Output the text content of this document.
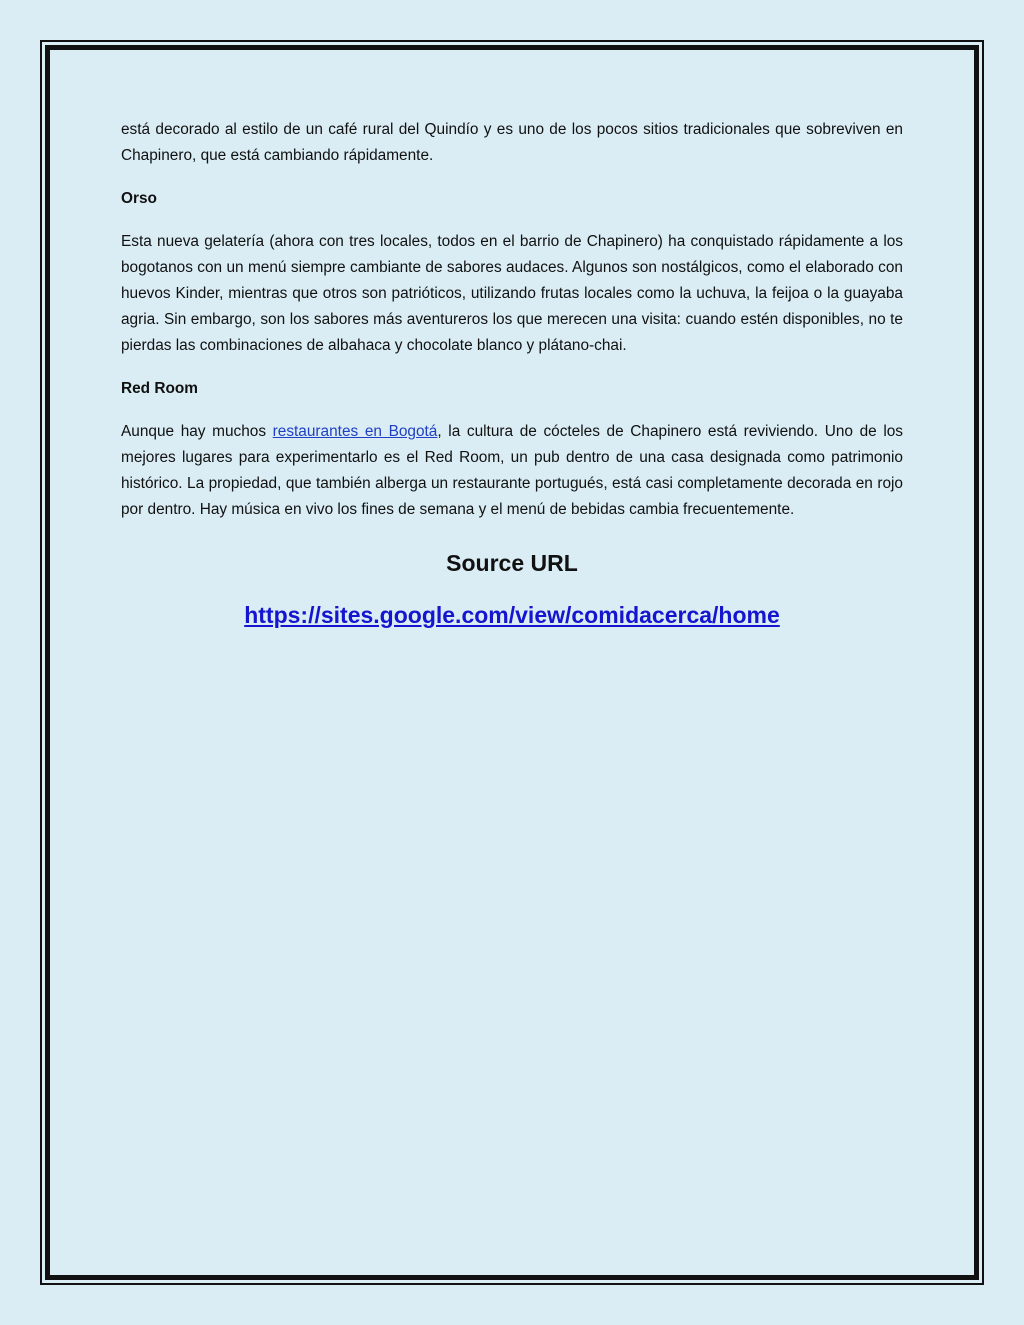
está decorado al estilo de un café rural del Quindío y es uno de los pocos sitios tradicionales que sobreviven en Chapinero, que está cambiando rápidamente.

Orso

Esta nueva gelatería (ahora con tres locales, todos en el barrio de Chapinero) ha conquistado rápidamente a los bogotanos con un menú siempre cambiante de sabores audaces. Algunos son nostálgicos, como el elaborado con huevos Kinder, mientras que otros son patrióticos, utilizando frutas locales como la uchuva, la feijoa o la guayaba agria. Sin embargo, son los sabores más aventureros los que merecen una visita: cuando estén disponibles, no te pierdas las combinaciones de albahaca y chocolate blanco y plátano-chai.

Red Room

Aunque hay muchos restaurantes en Bogotá, la cultura de cócteles de Chapinero está reviviendo. Uno de los mejores lugares para experimentarlo es el Red Room, un pub dentro de una casa designada como patrimonio histórico. La propiedad, que también alberga un restaurante portugués, está casi completamente decorada en rojo por dentro. Hay música en vivo los fines de semana y el menú de bebidas cambia frecuentemente.

Source URL
https://sites.google.com/view/comidacerca/home
